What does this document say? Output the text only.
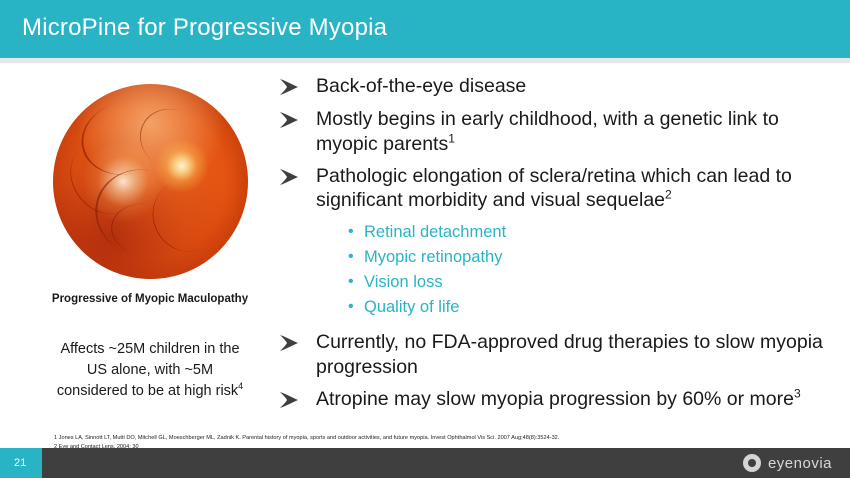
MicroPine for Progressive Myopia
Progressive of Myopic Maculopathy
Affects ~25M children in the
US alone, with ~5M
considered to be at high risk$^4$
Back-of-the-eye disease
Mostly begins in early childhood, with a genetic link to myopic parents$^1$
Pathologic elongation of sclera/retina which can lead to significant morbidity and visual sequelae$^2$
• Retinal detachment
• Myopic retinopathy
• Vision loss
• Quality of life
Currently, no FDA-approved drug therapies to slow myopia progression
Atropine may slow myopia progression by 60% or more$^3$
1 Jones LA, Sinnott LT, Mutti DO, Mitchell GL, Moeschberger ML, Zadnik K. Parental history of myopia, sports and outdoor activities, and future myopia. Invest Ophthalmol Vis Sci. 2007 Aug;48(8):3524-32.
21	eyenovia
